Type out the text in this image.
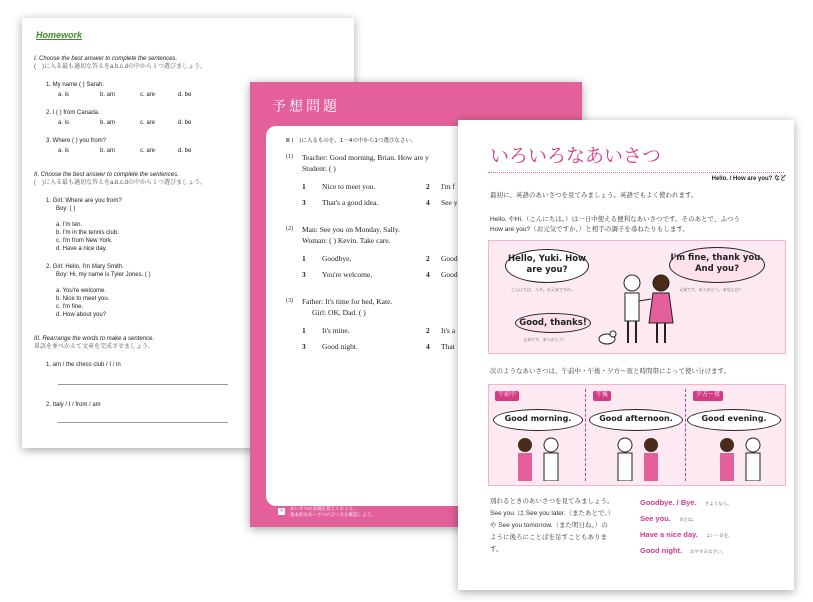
Homework
I. Choose the best answer to complete the sentences.
(　)に入る最も適切な答えをa.b.c.dの中から１つ選びましょう。
1. My name ( ) Sarah.
a. is	b. am	c. are	d. be
2. I ( ) from Canada.
a. is	b. am	c. are	d. be
3. Where ( ) you from?
a. is	b. am	c. are	d. be
II. Choose the best answer to complete the sentences.
(　)に入る最も適切な答えをa.b.c.dの中から１つ選びましょう。
1. Girl: Where are you from?
Boy: ( )
a. I'm ten.
b. I'm in the tennis club.
c. I'm from New York.
d. Have a nice day.
2. Girl: Hello, I'm Mary Smith.
Boy: Hi, my name is Tyler Jones. ( )
a. You're welcome.
b. Nice to meet you.
c. I'm fine.
d. How about you?
III. Rearrange the words to make a sentence.
単語を並べかえて文章を完成させましょう。
1. am / the chess club / I / in
2. Italy / I / from / am
予想問題
Ⅲ (　)に入るものを、1〜4の中から1つ選びなさい。
(1) Teacher: Good morning, Brian. How are y
Student: ( )
1 Nice to meet you.	2 I'm f
3 That's a good idea.	4 See y
(2) Man: See you on Monday, Sally.
Woman: ( ) Kevin. Take care.
1 Goodbye,	2 Good
3 You're welcome,	4 Good
(3) Father: It's time for bed, Kate.
Girl: OK, Dad. ( )
1 It's mine.	2 It's a
3 Good night.	4 That
4	あいさつの表現を覚えておこう。
基本的なあいさつの言い方を確認しよう。
いろいろなあいさつ
Hello. / How are you? など
最初に、英語のあいさつを見てみましょう。英語でもよく使われます。
Hello. やHi.（こんにちは。）は一日中使える便利なあいさつです。そのあとで、ふつう
How are you?（お元気ですか。）と相手の調子を尋ねたりもします。
Hello, Yuki. How are you?
こんにちは、ユキ。お元気ですか。
I'm fine, thank you. And you?
元気です、ありがとう。あなたは？
Good, thanks!
元気です、ありがとう！
次のようなあいさつは、午前中・午後・夕方〜夜と時間帯によって使い分けます。
午前中
Good morning.
午後
Good afternoon.
夕方〜夜
Good evening.
別れるときのあいさつを見てみましょう。
See you. は See you later.（またあとで。）
や See you tomorrow.（また明日ね。）の
ように後ろにことばを足すこともありま
す。
Goodbye. / Bye. さようなら。
See you. またね。
Have a nice day. よい一日を。
Good night. おやすみなさい。
